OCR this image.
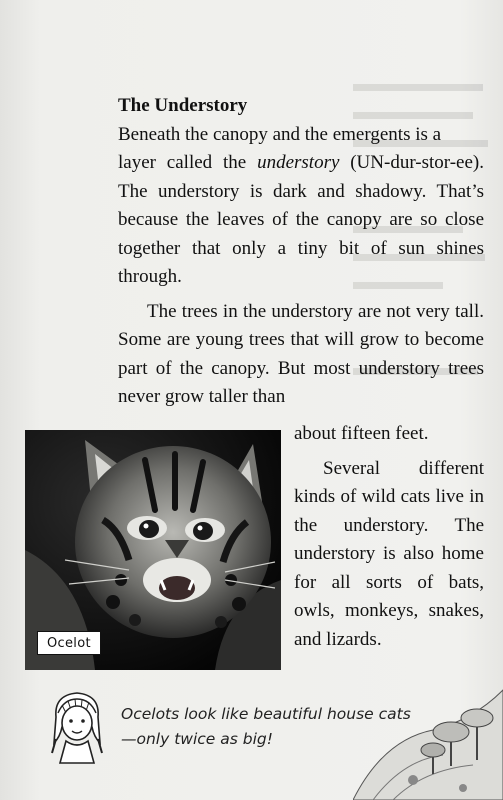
The Understory

Beneath the canopy and the emergents is a
layer called the understory (UN-dur-stor-ee). The understory is dark and shadowy. That’s because the leaves of the canopy are so close together that only a tiny bit of sun shines through.

The trees in the understory are not very tall. Some are young trees that will grow to become part of the canopy. But most understory trees never grow taller than

about fifteen feet.

Several different kinds of wild cats live in the understory. The understory is also home for all sorts of bats, owls, monkeys, snakes, and lizards.

Ocelot
Ocelots look like beautiful house cats—only twice as big!
